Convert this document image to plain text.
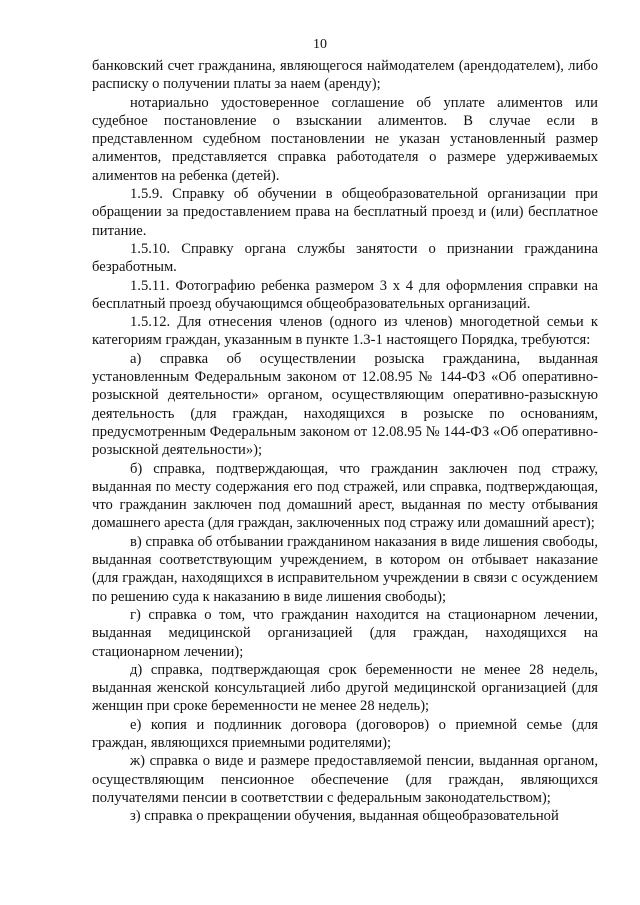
10

банковский счет гражданина, являющегося наймодателем (арендодателем), либо расписку о получении платы за наем (аренду);

нотариально удостоверенное соглашение об уплате алиментов или судебное постановление о взыскании алиментов. В случае если в представленном судебном постановлении не указан установленный размер алиментов, представляется справка работодателя о размере удерживаемых алиментов на ребенка (детей).

1.5.9. Справку об обучении в общеобразовательной организации при обращении за предоставлением права на бесплатный проезд и (или) бесплатное питание.

1.5.10. Справку органа службы занятости о признании гражданина безработным.

1.5.11. Фотографию ребенка размером 3 х 4 для оформления справки на бесплатный проезд обучающимся общеобразовательных организаций.

1.5.12. Для отнесения членов (одного из членов) многодетной семьи к категориям граждан, указанным в пункте 1.3-1 настоящего Порядка, требуются:

а) справка об осуществлении розыска гражданина, выданная установленным Федеральным законом от 12.08.95 № 144-ФЗ «Об оперативно-розыскной деятельности» органом, осуществляющим оперативно-разыскную деятельность (для граждан, находящихся в розыске по основаниям, предусмотренным Федеральным законом от 12.08.95 № 144-ФЗ «Об оперативно-розыскной деятельности»);

б) справка, подтверждающая, что гражданин заключен под стражу, выданная по месту содержания его под стражей, или справка, подтверждающая, что гражданин заключен под домашний арест, выданная по месту отбывания домашнего ареста (для граждан, заключенных под стражу или домашний арест);

в) справка об отбывании гражданином наказания в виде лишения свободы, выданная соответствующим учреждением, в котором он отбывает наказание (для граждан, находящихся в исправительном учреждении в связи с осуждением по решению суда к наказанию в виде лишения свободы);

г) справка о том, что гражданин находится на стационарном лечении, выданная медицинской организацией (для граждан, находящихся на стационарном лечении);

д) справка, подтверждающая срок беременности не менее 28 недель, выданная женской консультацией либо другой медицинской организацией (для женщин при сроке беременности не менее 28 недель);

е) копия и подлинник договора (договоров) о приемной семье (для граждан, являющихся приемными родителями);

ж) справка о виде и размере предоставляемой пенсии, выданная органом, осуществляющим пенсионное обеспечение (для граждан, являющихся получателями пенсии в соответствии с федеральным законодательством);

з) справка о прекращении обучения, выданная общеобразовательной
